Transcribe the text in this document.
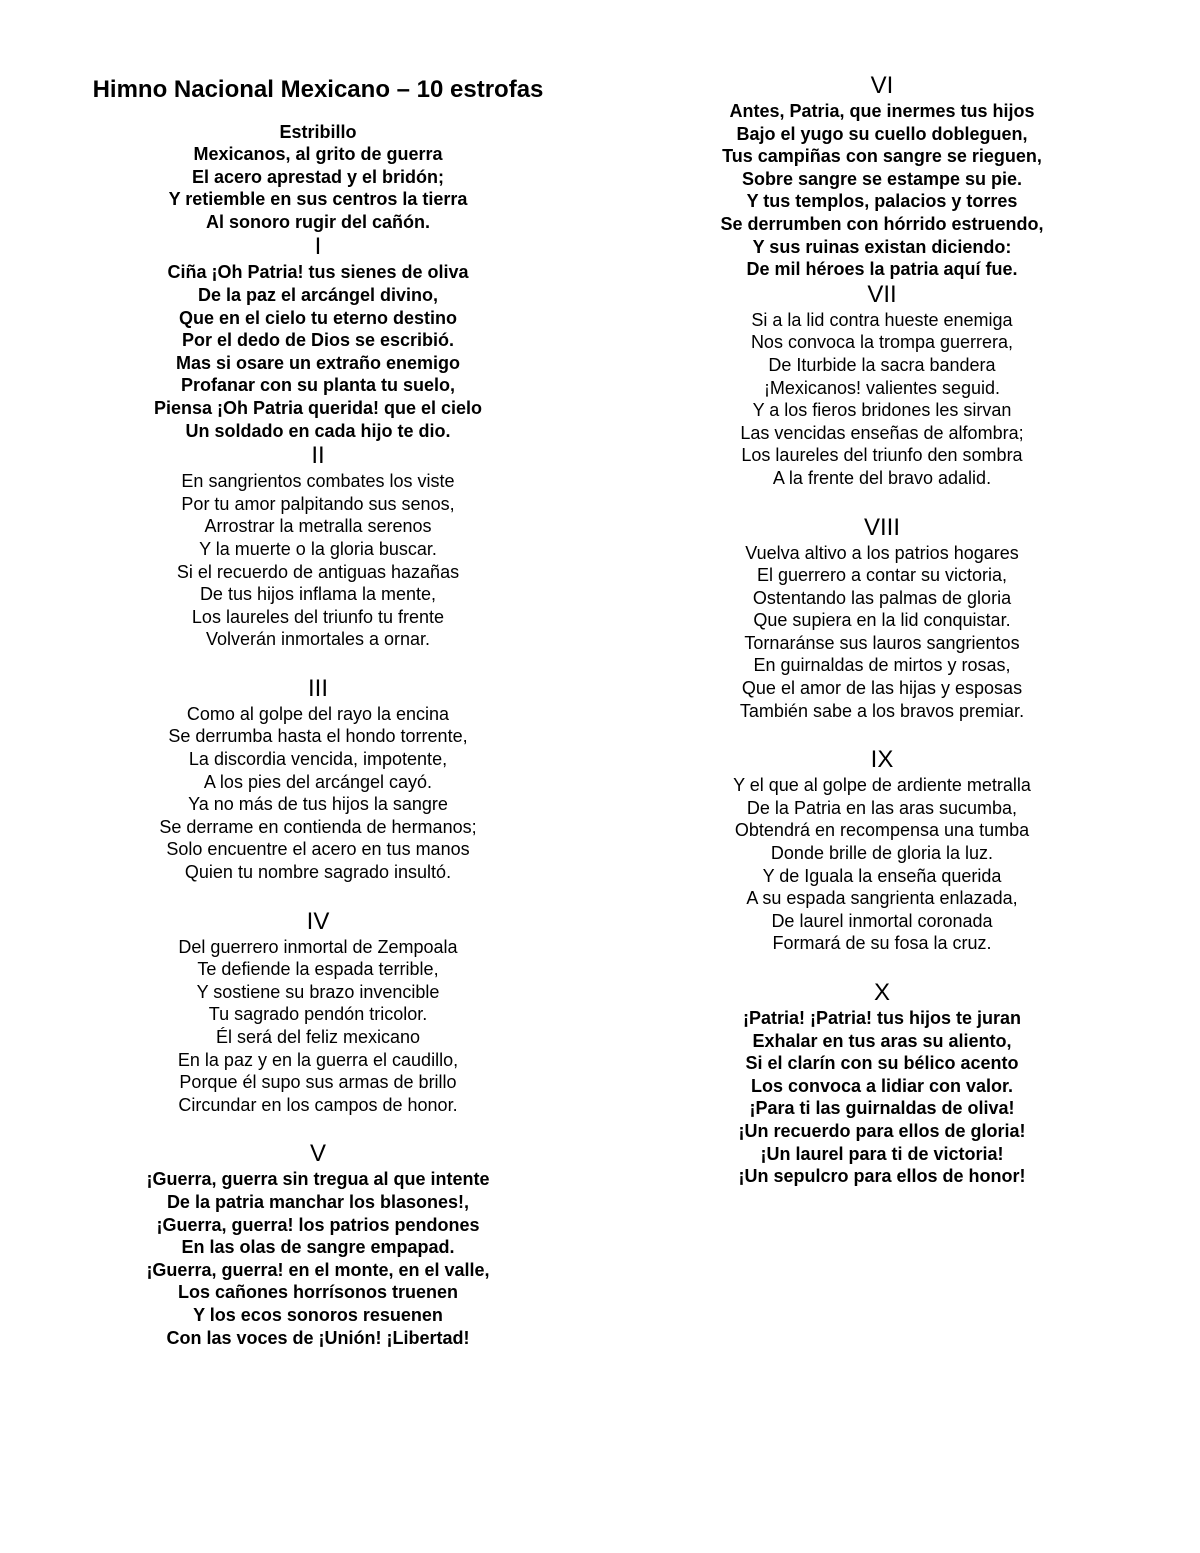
Himno Nacional Mexicano – 10 estrofas
Estribillo
Mexicanos, al grito de guerra
El acero aprestad y el bridón;
Y retiemble en sus centros la tierra
Al sonoro rugir del cañón.
I
Ciña ¡Oh Patria! tus sienes de oliva
De la paz el arcángel divino,
Que en el cielo tu eterno destino
Por el dedo de Dios se escribió.
Mas si osare un extraño enemigo
Profanar con su planta tu suelo,
Piensa ¡Oh Patria querida! que el cielo
Un soldado en cada hijo te dio.
II
En sangrientos combates los viste
Por tu amor palpitando sus senos,
Arrostrar la metralla serenos
Y la muerte o la gloria buscar.
Si el recuerdo de antiguas hazañas
De tus hijos inflama la mente,
Los laureles del triunfo tu frente
Volverán inmortales a ornar.
III
Como al golpe del rayo la encina
Se derrumba hasta el hondo torrente,
La discordia vencida, impotente,
A los pies del arcángel cayó.
Ya no más de tus hijos la sangre
Se derrame en contienda de hermanos;
Solo encuentre el acero en tus manos
Quien tu nombre sagrado insultó.
IV
Del guerrero inmortal de Zempoala
Te defiende la espada terrible,
Y sostiene su brazo invencible
Tu sagrado pendón tricolor.
Él será del feliz mexicano
En la paz y en la guerra el caudillo,
Porque él supo sus armas de brillo
Circundar en los campos de honor.
V
¡Guerra, guerra sin tregua al que intente
De la patria manchar los blasones!,
¡Guerra, guerra! los patrios pendones
En las olas de sangre empapad.
¡Guerra, guerra! en el monte, en el valle,
Los cañones horrísonos truenen
Y los ecos sonoros resuenen
Con las voces de ¡Unión! ¡Libertad!
VI
Antes, Patria, que inermes tus hijos
Bajo el yugo su cuello dobleguen,
Tus campiñas con sangre se rieguen,
Sobre sangre se estampe su pie.
Y tus templos, palacios y torres
Se derrumben con hórrido estruendo,
Y sus ruinas existan diciendo:
De mil héroes la patria aquí fue.
VII
Si a la lid contra hueste enemiga
Nos convoca la trompa guerrera,
De Iturbide la sacra bandera
¡Mexicanos! valientes seguid.
Y a los fieros bridones les sirvan
Las vencidas enseñas de alfombra;
Los laureles del triunfo den sombra
A la frente del bravo adalid.
VIII
Vuelva altivo a los patrios hogares
El guerrero a contar su victoria,
Ostentando las palmas de gloria
Que supiera en la lid conquistar.
Tornaránse sus lauros sangrientos
En guirnaldas de mirtos y rosas,
Que el amor de las hijas y esposas
También sabe a los bravos premiar.
IX
Y el que al golpe de ardiente metralla
De la Patria en las aras sucumba,
Obtendrá en recompensa una tumba
Donde brille de gloria la luz.
Y de Iguala la enseña querida
A su espada sangrienta enlazada,
De laurel inmortal coronada
Formará de su fosa la cruz.
X
¡Patria! ¡Patria! tus hijos te juran
Exhalar en tus aras su aliento,
Si el clarín con su bélico acento
Los convoca a lidiar con valor.
¡Para ti las guirnaldas de oliva!
¡Un recuerdo para ellos de gloria!
¡Un laurel para ti de victoria!
¡Un sepulcro para ellos de honor!
